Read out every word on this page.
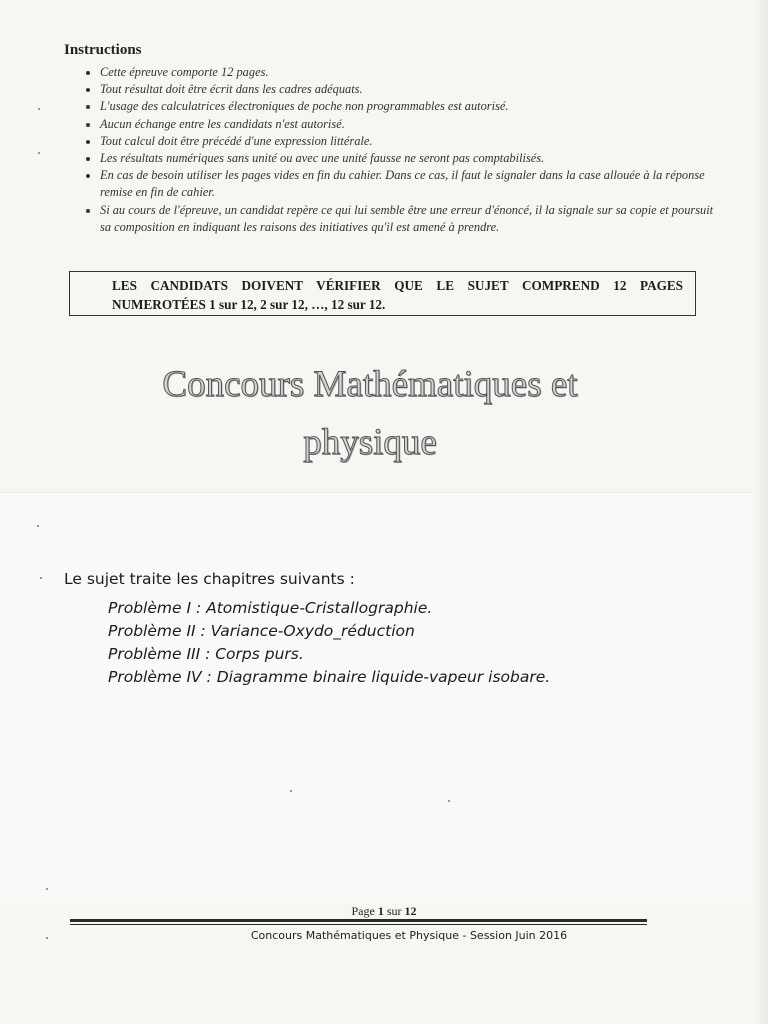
Instructions
• Cette épreuve comporte 12 pages.
• Tout résultat doit être écrit dans les cadres adéquats.
• L'usage des calculatrices électroniques de poche non programmables est autorisé.
• Aucun échange entre les candidats n'est autorisé.
• Tout calcul doit être précédé d'une expression littérale.
• Les résultats numériques sans unité ou avec une unité fausse ne seront pas comptabilisés.
• En cas de besoin utiliser les pages vides en fin du cahier. Dans ce cas, il faut le signaler dans la case allouée à la réponse remise en fin de cahier.
• Si au cours de l'épreuve, un candidat repère ce qui lui semble être une erreur d'énoncé, il la signale sur sa copie et poursuit sa composition en indiquant les raisons des initiatives qu'il est amené à prendre.
LES CANDIDATS DOIVENT VÉRIFIER QUE LE SUJET COMPREND 12 PAGES NUMEROTÉES 1 sur 12, 2 sur 12, …, 12 sur 12.
Concours Mathématiques et
physique
Le sujet traite les chapitres suivants :
Problème I : Atomistique-Cristallographie.
Problème II : Variance-Oxydo_réduction
Problème III : Corps purs.
Problème IV : Diagramme binaire liquide-vapeur isobare.
Page 1 sur 12
Concours Mathématiques et Physique - Session Juin 2016
